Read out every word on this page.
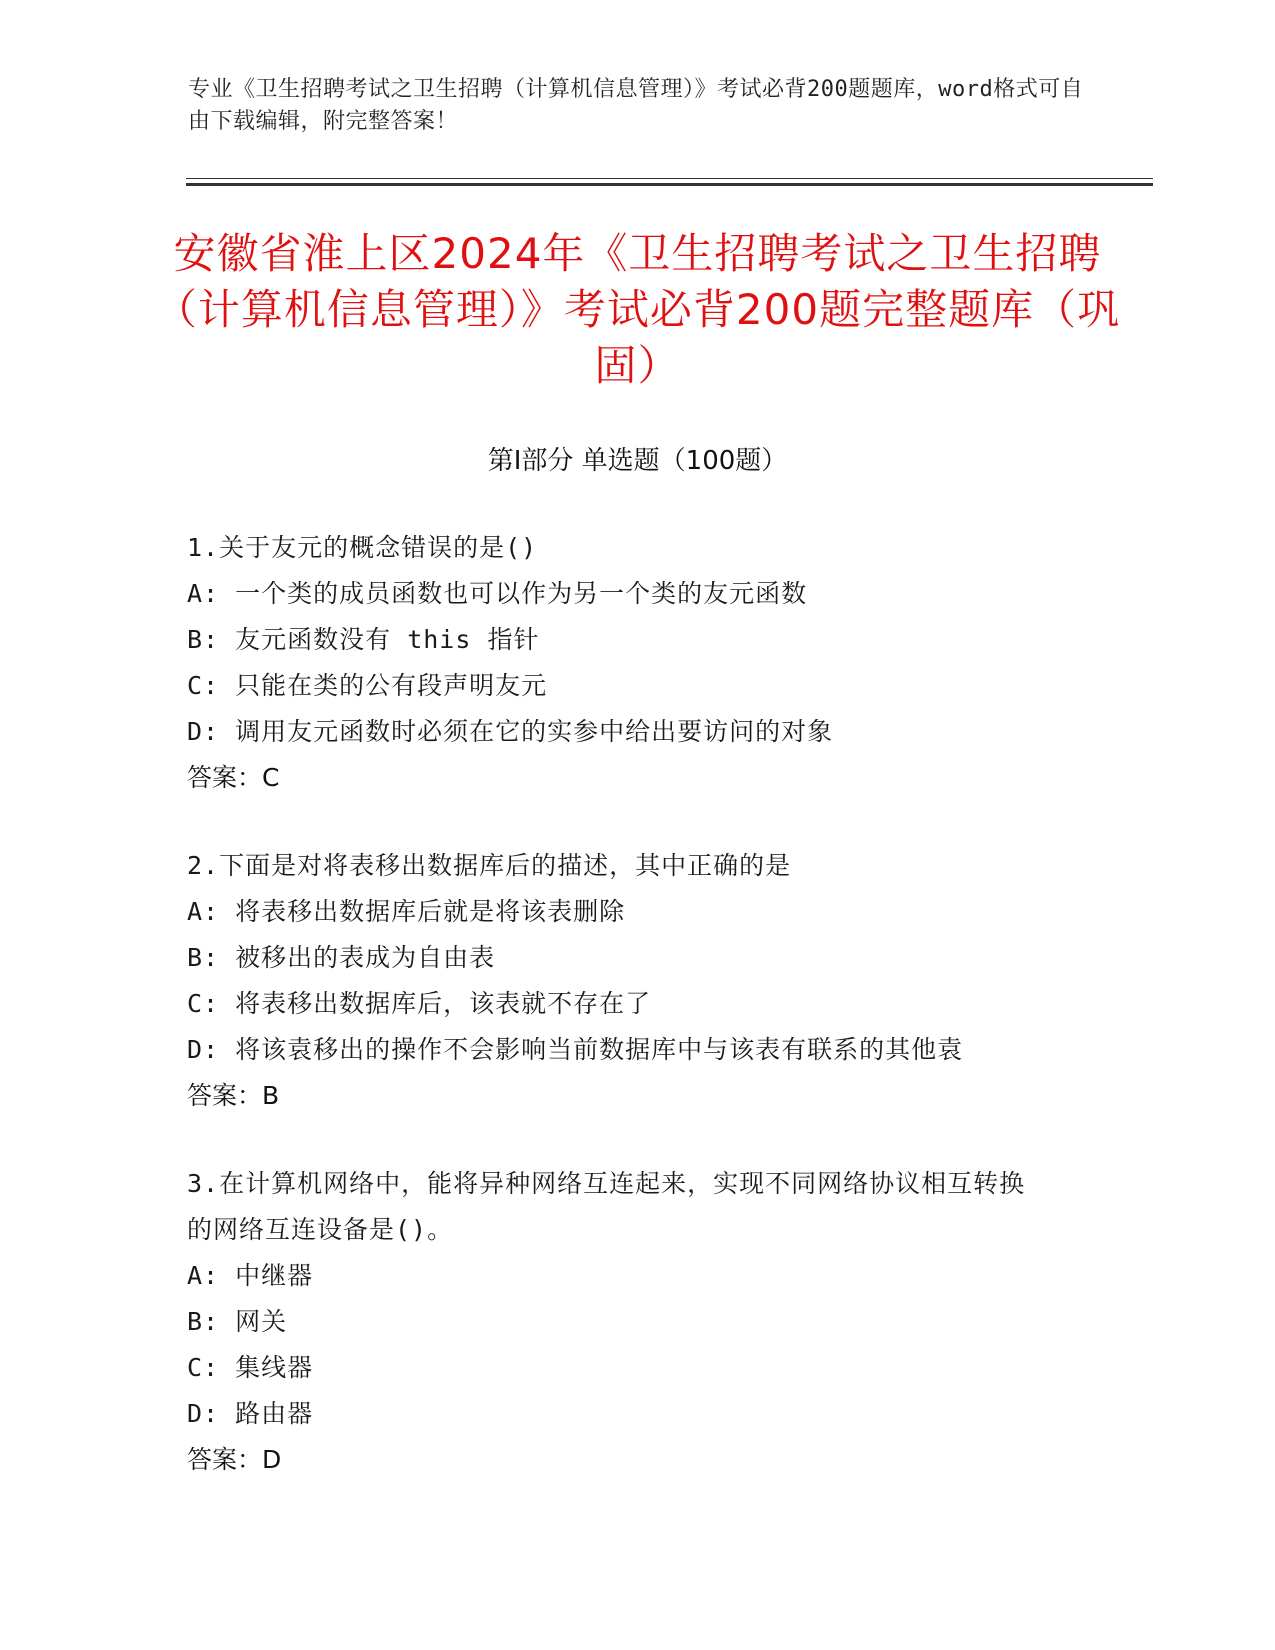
专业《卫生招聘考试之卫生招聘（计算机信息管理）》考试必背200题题库，word格式可自由下载编辑，附完整答案！
安徽省淮上区2024年《卫生招聘考试之卫生招聘（计算机信息管理）》考试必背200题完整题库（巩固）
第Ⅰ部分 单选题（100题）
1.关于友元的概念错误的是()
A: 一个类的成员函数也可以作为另一个类的友元函数
B: 友元函数没有 this 指针
C: 只能在类的公有段声明友元
D: 调用友元函数时必须在它的实参中给出要访问的对象
答案：C
2.下面是对将表移出数据库后的描述，其中正确的是
A: 将表移出数据库后就是将该表删除
B: 被移出的表成为自由表
C: 将表移出数据库后，该表就不存在了
D: 将该袁移出的操作不会影响当前数据库中与该表有联系的其他袁
答案：B
3.在计算机网络中，能将异种网络互连起来，实现不同网络协议相互转换的网络互连设备是()。
A: 中继器
B: 网关
C: 集线器
D: 路由器
答案：D
